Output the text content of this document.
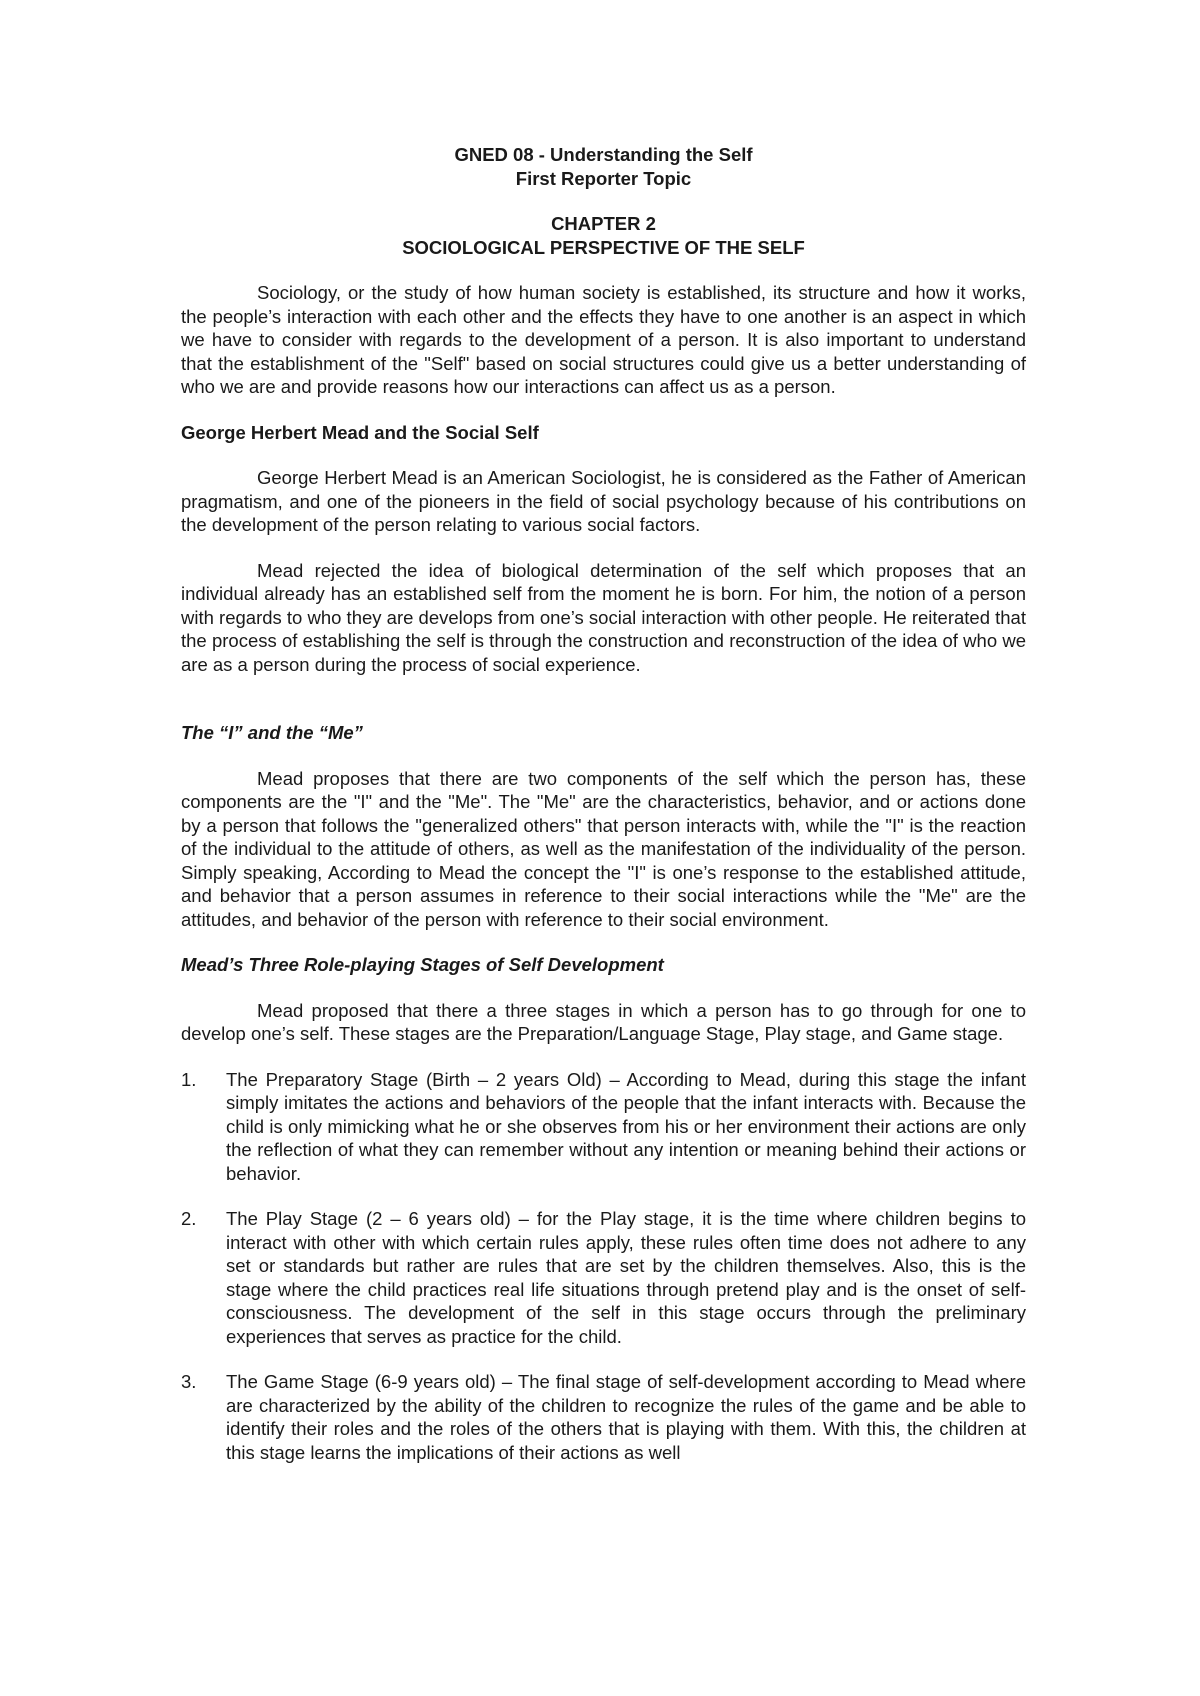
GNED 08 - Understanding the Self

First Reporter Topic

CHAPTER 2

SOCIOLOGICAL PERSPECTIVE OF THE SELF

Sociology, or the study of how human society is established, its structure and how it works, the people’s interaction with each other and the effects they have to one another is an aspect in which we have to consider with regards to the development of a person. It is also important to understand that the establishment of the "Self" based on social structures could give us a better understanding of who we are and provide reasons how our interactions can affect us as a person.

George Herbert Mead and the Social Self

George Herbert Mead is an American Sociologist, he is considered as the Father of American pragmatism, and one of the pioneers in the field of social psychology because of his contributions on the development of the person relating to various social factors.

Mead rejected the idea of biological determination of the self which proposes that an individual already has an established self from the moment he is born. For him, the notion of a person with regards to who they are develops from one’s social interaction with other people. He reiterated that the process of establishing the self is through the construction and reconstruction of the idea of who we are as a person during the process of social experience.

The “I” and the “Me”

Mead proposes that there are two components of the self which the person has, these components are the "I" and the "Me". The "Me" are the characteristics, behavior, and or actions done by a person that follows the "generalized others" that person interacts with, while the "I" is the reaction of the individual to the attitude of others, as well as the manifestation of the individuality of the person. Simply speaking, According to Mead the concept the "I" is one’s response to the established attitude, and behavior that a person assumes in reference to their social interactions while the "Me" are the attitudes, and behavior of the person with reference to their social environment.

Mead’s Three Role-playing Stages of Self Development

Mead proposed that there a three stages in which a person has to go through for one to develop one’s self. These stages are the Preparation/Language Stage, Play stage, and Game stage.

1. The Preparatory Stage (Birth – 2 years Old) – According to Mead, during this stage the infant simply imitates the actions and behaviors of the people that the infant interacts with. Because the child is only mimicking what he or she observes from his or her environment their actions are only the reflection of what they can remember without any intention or meaning behind their actions or behavior.
2. The Play Stage (2 – 6 years old) – for the Play stage, it is the time where children begins to interact with other with which certain rules apply, these rules often time does not adhere to any set or standards but rather are rules that are set by the children themselves. Also, this is the stage where the child practices real life situations through pretend play and is the onset of self- consciousness. The development of the self in this stage occurs through the preliminary experiences that serves as practice for the child.
3. The Game Stage (6-9 years old) – The final stage of self-development according to Mead where are characterized by the ability of the children to recognize the rules of the game and be able to identify their roles and the roles of the others that is playing with them. With this, the children at this stage learns the implications of their actions as well
